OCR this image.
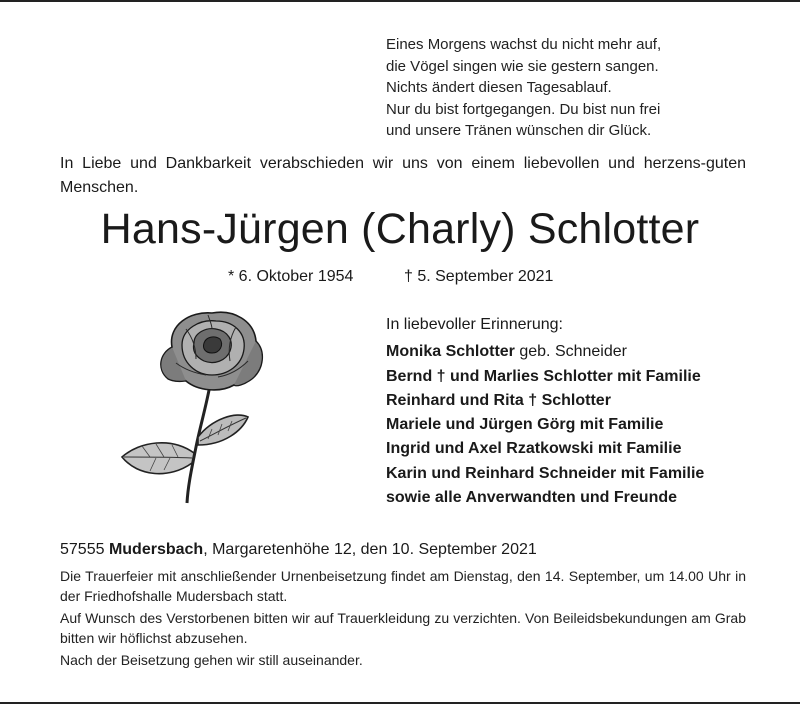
Eines Morgens wachst du nicht mehr auf,
die Vögel singen wie sie gestern sangen.
Nichts ändert diesen Tagesablauf.
Nur du bist fortgegangen. Du bist nun frei
und unsere Tränen wünschen dir Glück.
In Liebe und Dankbarkeit verabschieden wir uns von einem liebevollen und herzens-guten Menschen.
Hans-Jürgen (Charly) Schlotter
* 6. Oktober 1954	† 5. September 2021
In liebevoller Erinnerung:
Monika Schlotter geb. Schneider
Bernd † und Marlies Schlotter mit Familie
Reinhard und Rita † Schlotter
Mariele und Jürgen Görg mit Familie
Ingrid und Axel Rzatkowski mit Familie
Karin und Reinhard Schneider mit Familie
sowie alle Anverwandten und Freunde
57555 Mudersbach, Margaretenhöhe 12, den 10. September 2021
Die Trauerfeier mit anschließender Urnenbeisetzung findet am Dienstag, den 14. September, um 14.00 Uhr in der Friedhofshalle Mudersbach statt.
Auf Wunsch des Verstorbenen bitten wir auf Trauerkleidung zu verzichten. Von Beileidsbekundungen am Grab bitten wir höflichst abzusehen.
Nach der Beisetzung gehen wir still auseinander.
